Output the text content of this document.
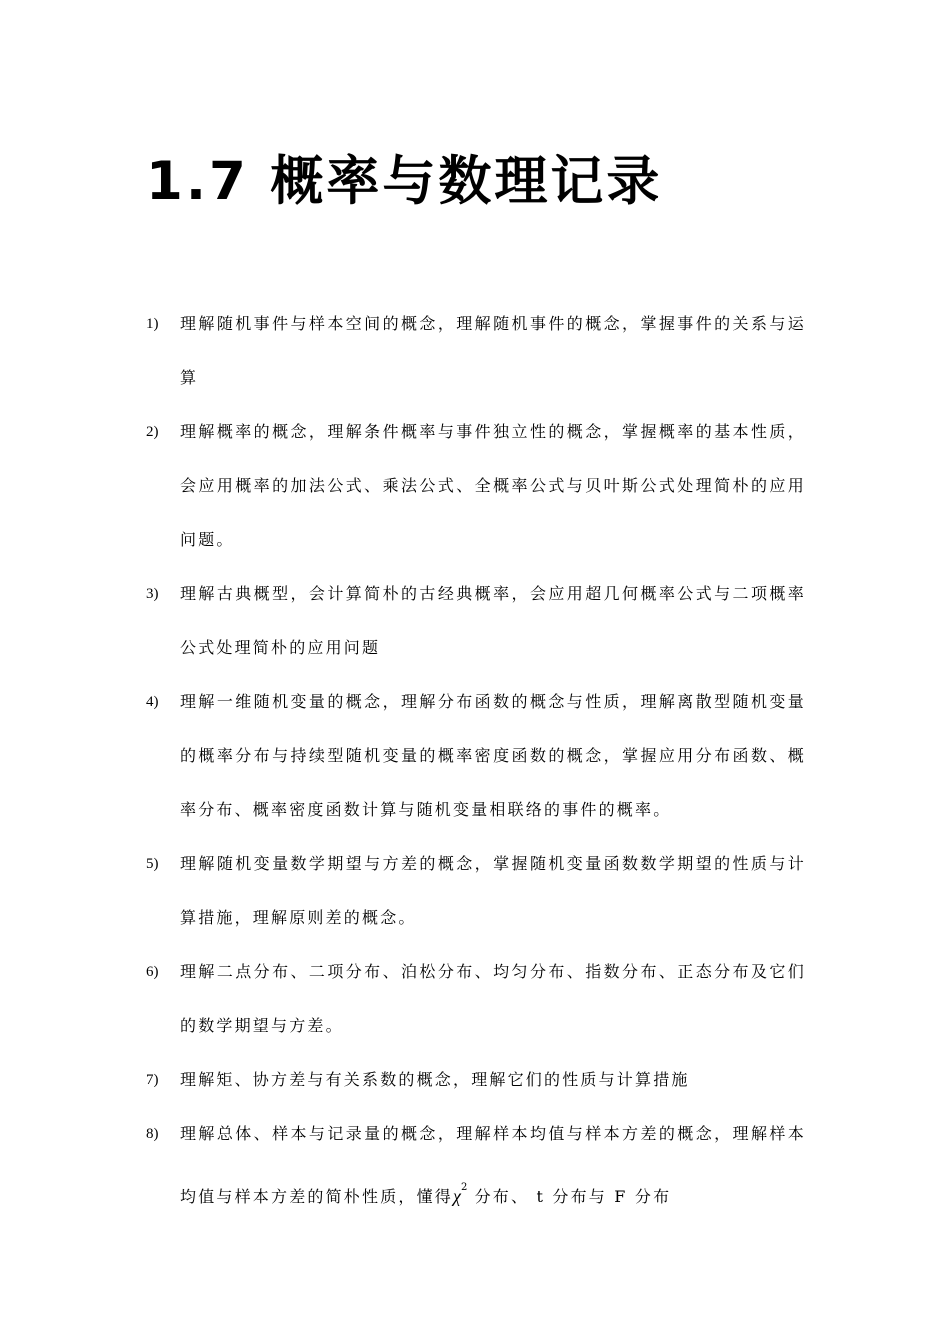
1.7 概率与数理记录
1) 理解随机事件与样本空间的概念，理解随机事件的概念，掌握事件的关系与运算
2) 理解概率的概念，理解条件概率与事件独立性的概念，掌握概率的基本性质，会应用概率的加法公式、乘法公式、全概率公式与贝叶斯公式处理简朴的应用问题。
3) 理解古典概型，会计算简朴的古经典概率，会应用超几何概率公式与二项概率公式处理简朴的应用问题
4) 理解一维随机变量的概念，理解分布函数的概念与性质，理解离散型随机变量的概率分布与持续型随机变量的概率密度函数的概念，掌握应用分布函数、概率分布、概率密度函数计算与随机变量相联络的事件的概率。
5) 理解随机变量数学期望与方差的概念，掌握随机变量函数数学期望的性质与计算措施，理解原则差的概念。
6) 理解二点分布、二项分布、泊松分布、均匀分布、指数分布、正态分布及它们的数学期望与方差。
7) 理解矩、协方差与有关系数的概念，理解它们的性质与计算措施
8) 理解总体、样本与记录量的概念，理解样本均值与样本方差的概念，理解样本均值与样本方差的简朴性质，懂得$\chi^2$ 分布、 t 分布与 F 分布
